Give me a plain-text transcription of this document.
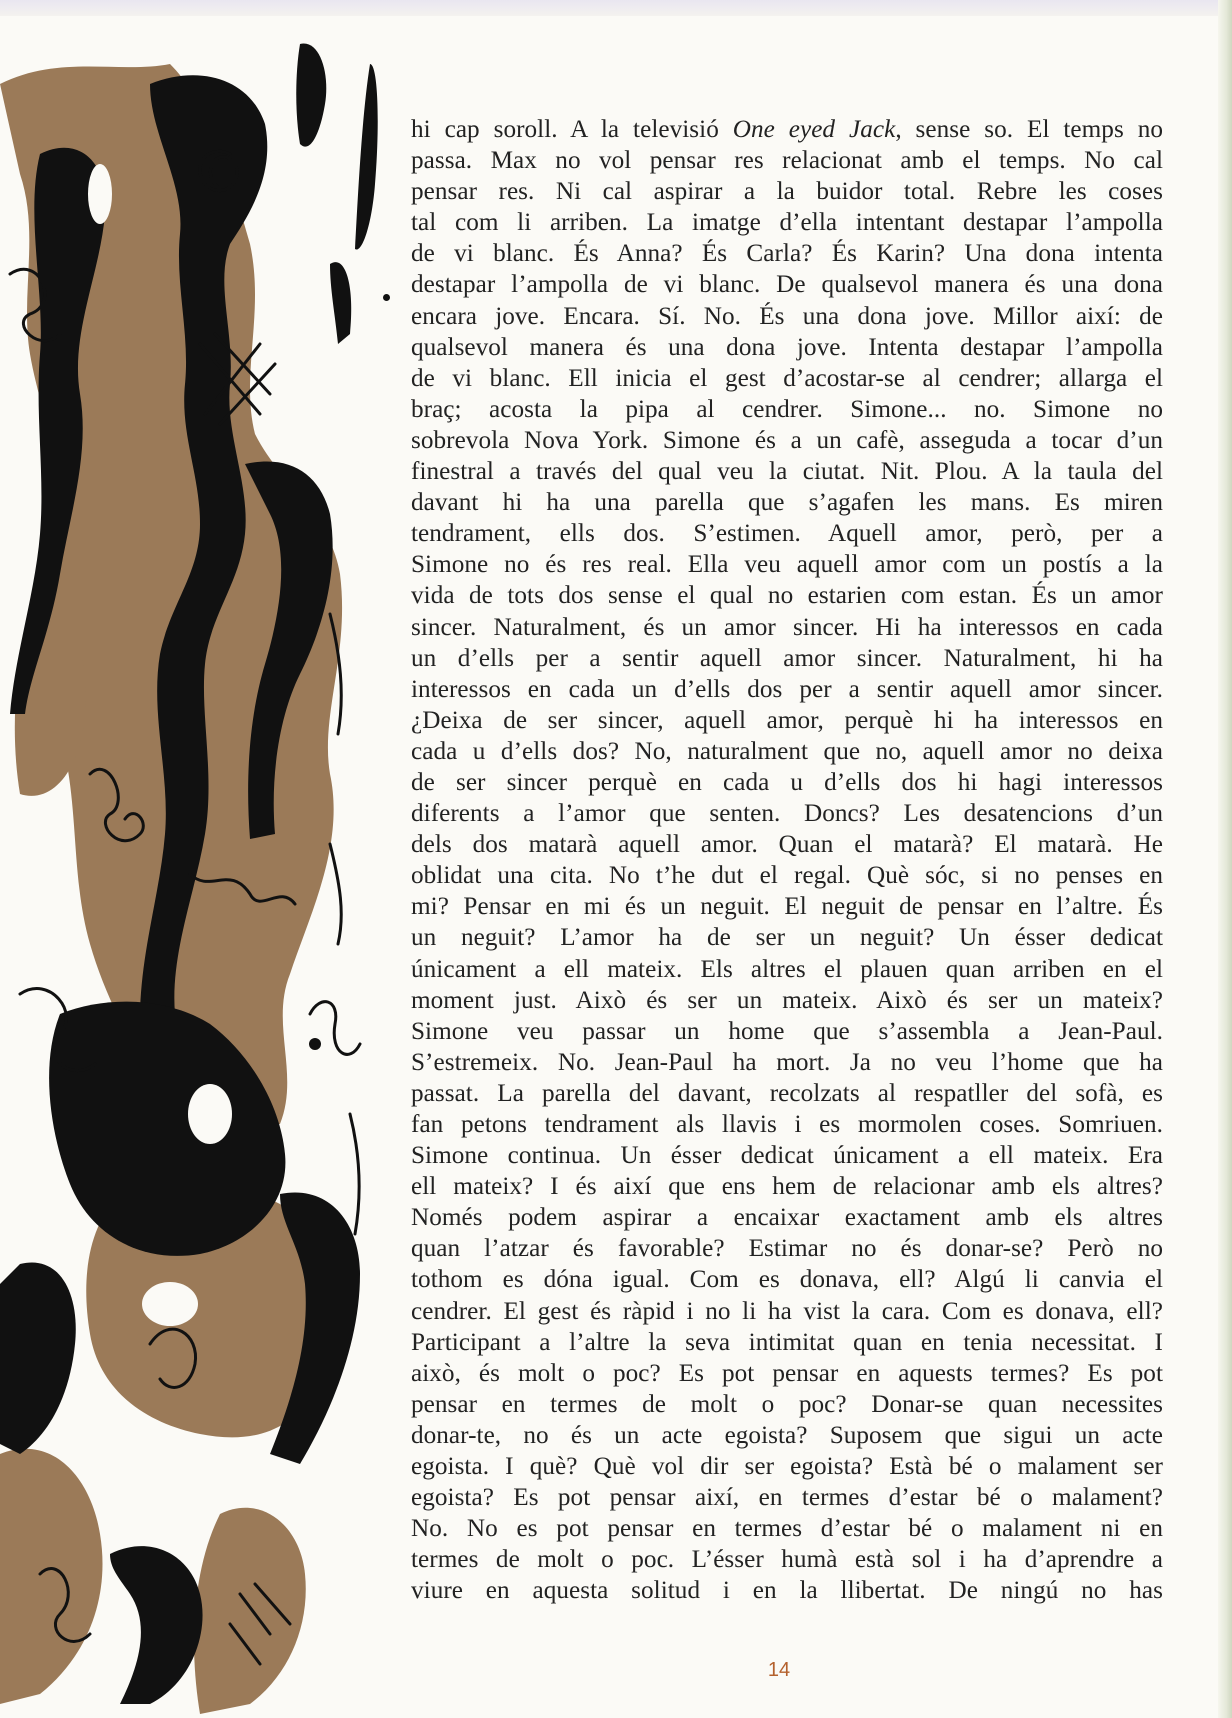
hi cap soroll. A la televisió One eyed Jack, sense so. El temps no
passa. Max no vol pensar res relacionat amb el temps. No cal
pensar res. Ni cal aspirar a la buidor total. Rebre les coses
tal com li arriben. La imatge d’ella intentant destapar l’ampolla
de vi blanc. És Anna? És Carla? És Karin? Una dona intenta
destapar l’ampolla de vi blanc. De qualsevol manera és una dona
encara jove. Encara. Sí. No. És una dona jove. Millor així: de
qualsevol manera és una dona jove. Intenta destapar l’ampolla
de vi blanc. Ell inicia el gest d’acostar-se al cendrer; allarga el
braç; acosta la pipa al cendrer. Simone... no. Simone no
sobrevola Nova York. Simone és a un cafè, asseguda a tocar d’un
finestral a través del qual veu la ciutat. Nit. Plou. A la taula del
davant hi ha una parella que s’agafen les mans. Es miren
tendrament, ells dos. S’estimen. Aquell amor, però, per a
Simone no és res real. Ella veu aquell amor com un postís a la
vida de tots dos sense el qual no estarien com estan. És un amor
sincer. Naturalment, és un amor sincer. Hi ha interessos en cada
un d’ells per a sentir aquell amor sincer. Naturalment, hi ha
interessos en cada un d’ells dos per a sentir aquell amor sincer.
¿Deixa de ser sincer, aquell amor, perquè hi ha interessos en
cada u d’ells dos? No, naturalment que no, aquell amor no deixa
de ser sincer perquè en cada u d’ells dos hi hagi interessos
diferents a l’amor que senten. Doncs? Les desatencions d’un
dels dos matarà aquell amor. Quan el matarà? El matarà. He
oblidat una cita. No t’he dut el regal. Què sóc, si no penses en
mi? Pensar en mi és un neguit. El neguit de pensar en l’altre. És
un neguit? L’amor ha de ser un neguit? Un ésser dedicat
únicament a ell mateix. Els altres el plauen quan arriben en el
moment just. Això és ser un mateix. Això és ser un mateix?
Simone veu passar un home que s’assembla a Jean-Paul.
S’estremeix. No. Jean-Paul ha mort. Ja no veu l’home que ha
passat. La parella del davant, recolzats al respatller del sofà, es
fan petons tendrament als llavis i es mormolen coses. Somriuen.
Simone continua. Un ésser dedicat únicament a ell mateix. Era
ell mateix? I és així que ens hem de relacionar amb els altres?
Només podem aspirar a encaixar exactament amb els altres
quan l’atzar és favorable? Estimar no és donar-se? Però no
tothom es dóna igual. Com es donava, ell? Algú li canvia el
cendrer. El gest és ràpid i no li ha vist la cara. Com es donava, ell?
Participant a l’altre la seva intimitat quan en tenia necessitat. I
això, és molt o poc? Es pot pensar en aquests termes? Es pot
pensar en termes de molt o poc? Donar-se quan necessites
donar-te, no és un acte egoista? Suposem que sigui un acte
egoista. I què? Què vol dir ser egoista? Està bé o malament ser
egoista? Es pot pensar així, en termes d’estar bé o malament?
No. No es pot pensar en termes d’estar bé o malament ni en
termes de molt o poc. L’ésser humà està sol i ha d’aprendre a
viure en aquesta solitud i en la llibertat. De ningú no has
14
